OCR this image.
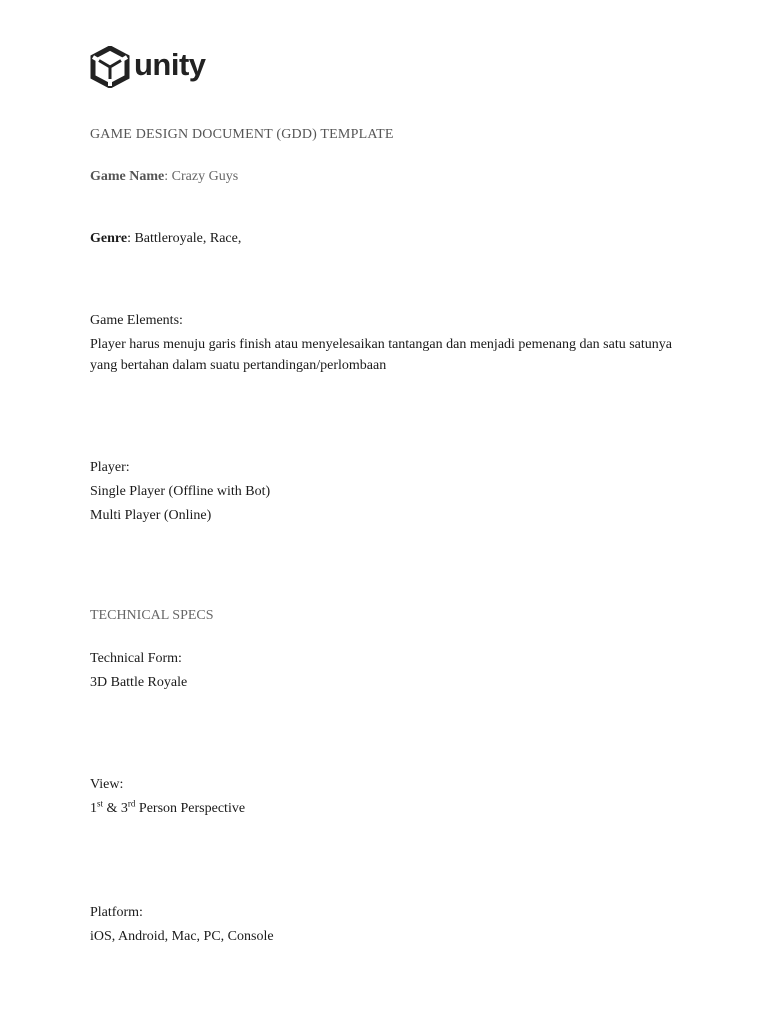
unity
GAME DESIGN DOCUMENT (GDD) TEMPLATE
Game Name: Crazy Guys
Genre: Battleroyale, Race,
Game Elements:
Player harus menuju garis finish atau menyelesaikan tantangan dan menjadi pemenang dan satu satunya yang bertahan dalam suatu pertandingan/perlombaan
Player:
Single Player (Offline with Bot)
Multi Player (Online)
TECHNICAL SPECS
Technical Form:
3D Battle Royale
View:
1st & 3rd Person Perspective
Platform:
iOS, Android, Mac, PC, Console
